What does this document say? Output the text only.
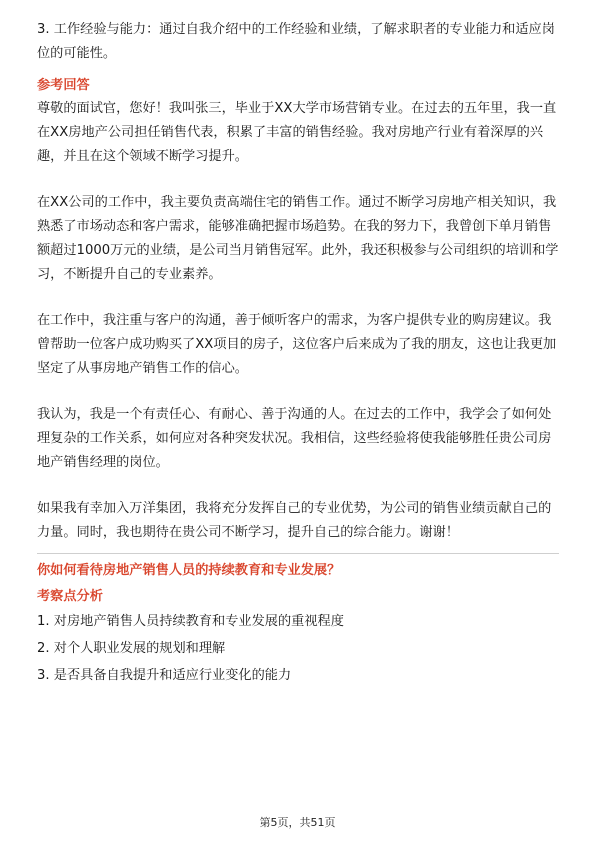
3. 工作经验与能力：通过自我介绍中的工作经验和业绩，了解求职者的专业能力和适应岗位的可能性。

参考回答

尊敬的面试官，您好！我叫张三，毕业于XX大学市场营销专业。在过去的五年里，我一直在XX房地产公司担任销售代表，积累了丰富的销售经验。我对房地产行业有着深厚的兴趣，并且在这个领域不断学习提升。

在XX公司的工作中，我主要负责高端住宅的销售工作。通过不断学习房地产相关知识，我熟悉了市场动态和客户需求，能够准确把握市场趋势。在我的努力下，我曾创下单月销售额超过1000万元的业绩，是公司当月销售冠军。此外，我还积极参与公司组织的培训和学习，不断提升自己的专业素养。

在工作中，我注重与客户的沟通，善于倾听客户的需求，为客户提供专业的购房建议。我曾帮助一位客户成功购买了XX项目的房子，这位客户后来成为了我的朋友，这也让我更加坚定了从事房地产销售工作的信心。

我认为，我是一个有责任心、有耐心、善于沟通的人。在过去的工作中，我学会了如何处理复杂的工作关系，如何应对各种突发状况。我相信，这些经验将使我能够胜任贵公司房地产销售经理的岗位。

如果我有幸加入万洋集团，我将充分发挥自己的专业优势，为公司的销售业绩贡献自己的力量。同时，我也期待在贵公司不断学习，提升自己的综合能力。谢谢！

你如何看待房地产销售人员的持续教育和专业发展？

考察点分析

1. 对房地产销售人员持续教育和专业发展的重视程度

2. 对个人职业发展的规划和理解

3. 是否具备自我提升和适应行业变化的能力

第5页，共51页
